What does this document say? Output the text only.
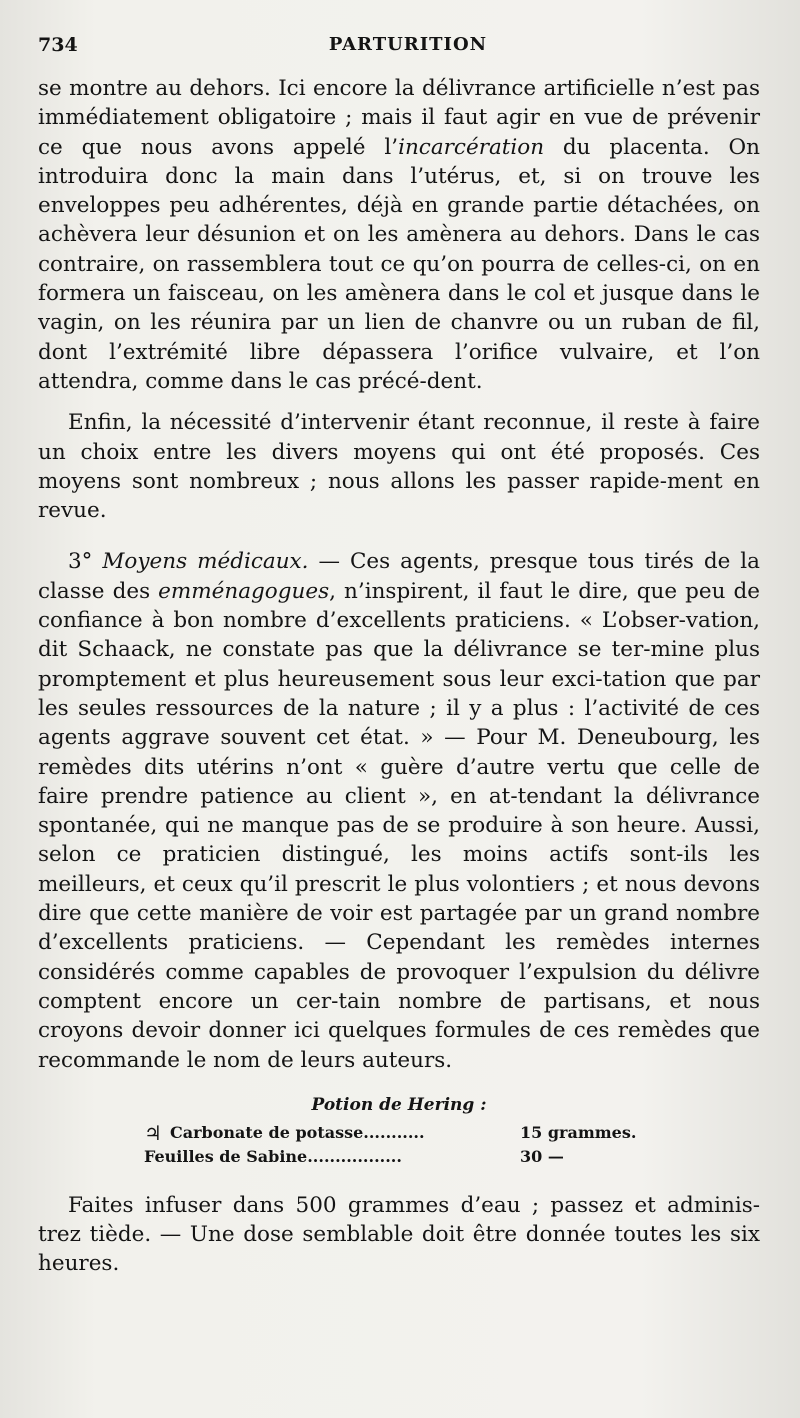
734	PARTURITION

se montre au dehors. Ici encore la délivrance artificielle n’est pas immédiatement obligatoire ; mais il faut agir en vue de prévenir ce que nous avons appelé l’incarcération du placenta. On introduira donc la main dans l’utérus, et, si on trouve les enveloppes peu adhérentes, déjà en grande partie détachées, on achèvera leur désunion et on les amènera au dehors. Dans le cas contraire, on rassemblera tout ce qu’on pourra de celles-ci, on en formera un faisceau, on les amènera dans le col et jusque dans le vagin, on les réunira par un lien de chanvre ou un ruban de fil, dont l’extrémité libre dépassera l’orifice vulvaire, et l’on attendra, comme dans le cas précé-dent.

Enfin, la nécessité d’intervenir étant reconnue, il reste à faire un choix entre les divers moyens qui ont été proposés. Ces moyens sont nombreux ; nous allons les passer rapide-ment en revue.

3° Moyens médicaux. — Ces agents, presque tous tirés de la classe des emménagogues, n’inspirent, il faut le dire, que peu de confiance à bon nombre d’excellents praticiens. « L’obser-vation, dit Schaack, ne constate pas que la délivrance se ter-mine plus promptement et plus heureusement sous leur exci-tation que par les seules ressources de la nature ; il y a plus : l’activité de ces agents aggrave souvent cet état. » — Pour M. Deneubourg, les remèdes dits utérins n’ont « guère d’autre vertu que celle de faire prendre patience au client », en at-tendant la délivrance spontanée, qui ne manque pas de se produire à son heure. Aussi, selon ce praticien distingué, les moins actifs sont-ils les meilleurs, et ceux qu’il prescrit le plus volontiers ; et nous devons dire que cette manière de voir est partagée par un grand nombre d’excellents praticiens. — Cependant les remèdes internes considérés comme capables de provoquer l’expulsion du délivre comptent encore un cer-tain nombre de partisans, et nous croyons devoir donner ici quelques formules de ces remèdes que recommande le nom de leurs auteurs.

Potion de Hering :
♃ Carbonate de potasse...........	15 grammes.
Feuilles de Sabine.................	30 —

Faites infuser dans 500 grammes d’eau ; passez et adminis-trez tiède. — Une dose semblable doit être donnée toutes les six heures.
